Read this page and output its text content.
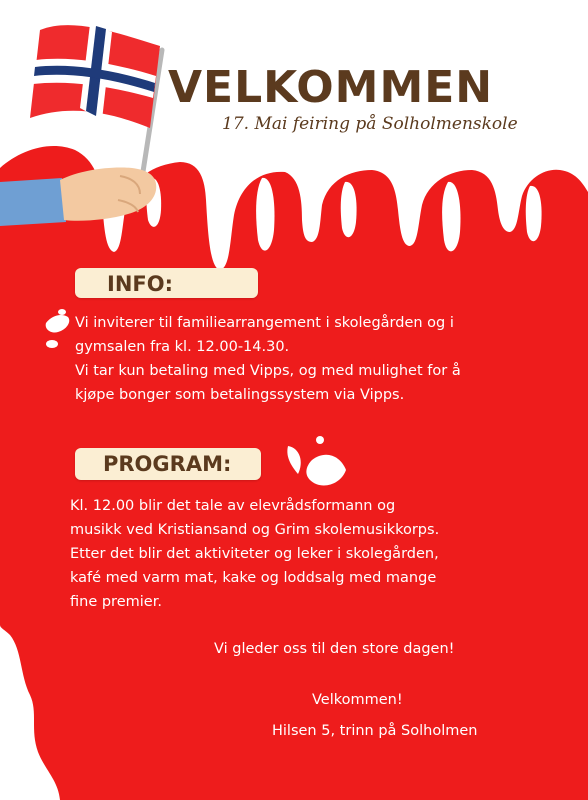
VELKOMMEN
17. Mai feiring på Solholmenskole
INFO:
Vi inviterer til familiearrangement i skolegården og i
gymsalen fra kl. 12.00-14.30.
Vi tar kun betaling med Vipps, og med mulighet for å
kjøpe bonger som betalingssystem via Vipps.
PROGRAM:
Kl. 12.00 blir det tale av elevrådsformann og
musikk ved Kristiansand og Grim skolemusikkorps.
Etter det blir det aktiviteter og leker i skolegården,
kafé med varm mat, kake og loddsalg med mange
fine premier.
Vi gleder oss til den store dagen!
Velkommen!
Hilsen 5, trinn på Solholmen
